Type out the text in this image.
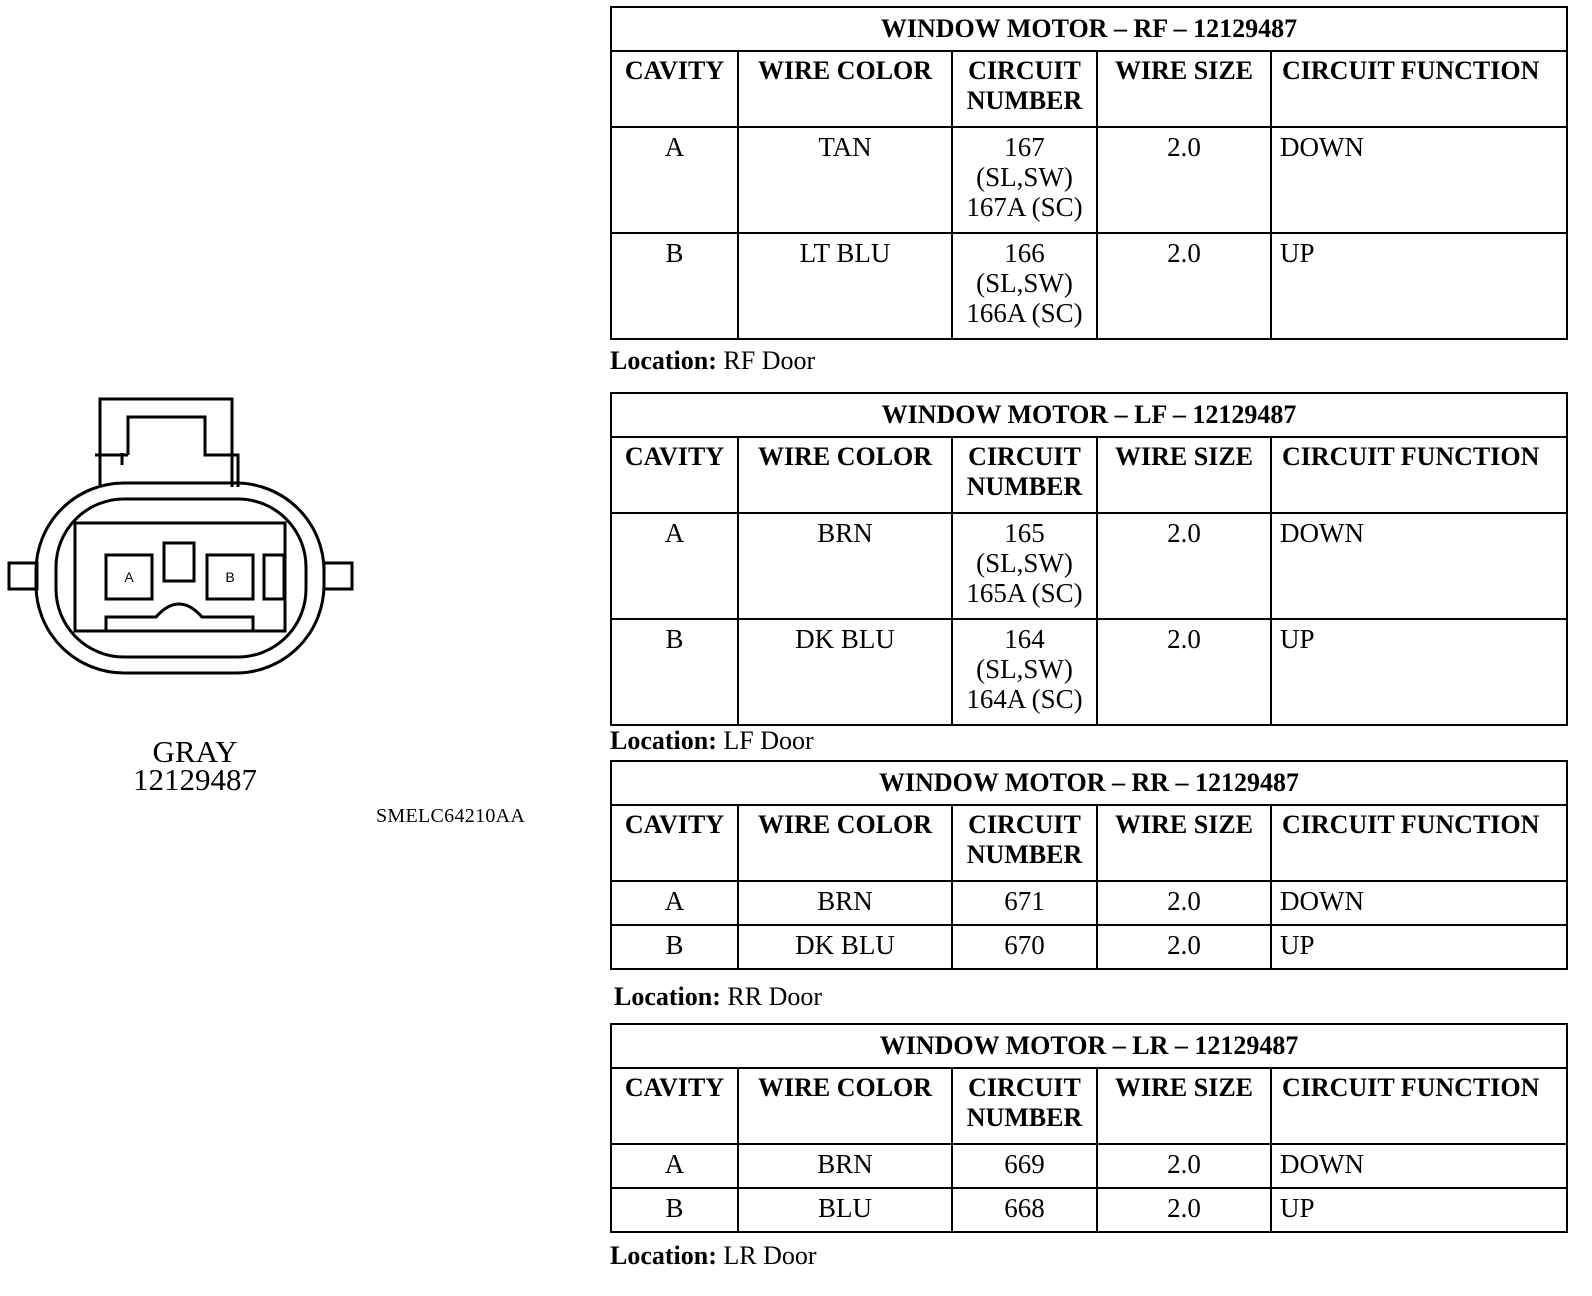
A	B
GRAY
12129487
SMELC64210AA
WINDOW MOTOR – RF – 12129487				
CAVITY	WIRE COLOR	CIRCUIT NUMBER	WIRE SIZE	CIRCUIT FUNCTION
A	TAN	167
(SL,SW)
167A (SC)	2.0	DOWN
B	LT BLU	166
(SL,SW)
166A (SC)	2.0	UP
Location: RF Door
WINDOW MOTOR – LF – 12129487				
CAVITY	WIRE COLOR	CIRCUIT NUMBER	WIRE SIZE	CIRCUIT FUNCTION
A	BRN	165
(SL,SW)
165A (SC)	2.0	DOWN
B	DK BLU	164
(SL,SW)
164A (SC)	2.0	UP
Location: LF Door
WINDOW MOTOR – RR – 12129487				
CAVITY	WIRE COLOR	CIRCUIT NUMBER	WIRE SIZE	CIRCUIT FUNCTION
A	BRN	671	2.0	DOWN
B	DK BLU	670	2.0	UP
Location: RR Door
WINDOW MOTOR – LR – 12129487				
CAVITY	WIRE COLOR	CIRCUIT NUMBER	WIRE SIZE	CIRCUIT FUNCTION
A	BRN	669	2.0	DOWN
B	BLU	668	2.0	UP
Location: LR Door
